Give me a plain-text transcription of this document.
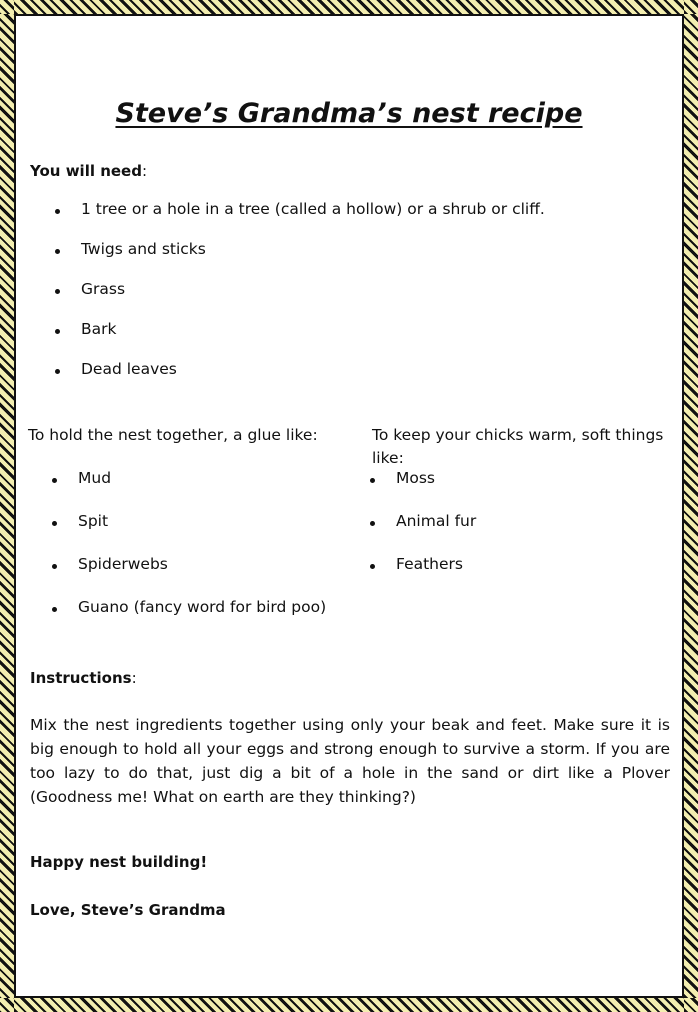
Steve’s Grandma’s nest recipe
You will need:
1 tree or a hole in a tree (called a hollow) or a shrub or cliff.
Twigs and sticks
Grass
Bark
Dead leaves
To hold the nest together, a glue like:	To keep your chicks warm, soft things like:
Mud
Spit
Spiderwebs
Guano (fancy word for bird poo)
Moss
Animal fur
Feathers
Instructions:
Mix the nest ingredients together using only your beak and feet. Make sure it is big enough to hold all your eggs and strong enough to survive a storm. If you are too lazy to do that, just dig a bit of a hole in the sand or dirt like a Plover (Goodness me! What on earth are they thinking?)
Happy nest building!
Love, Steve’s Grandma
